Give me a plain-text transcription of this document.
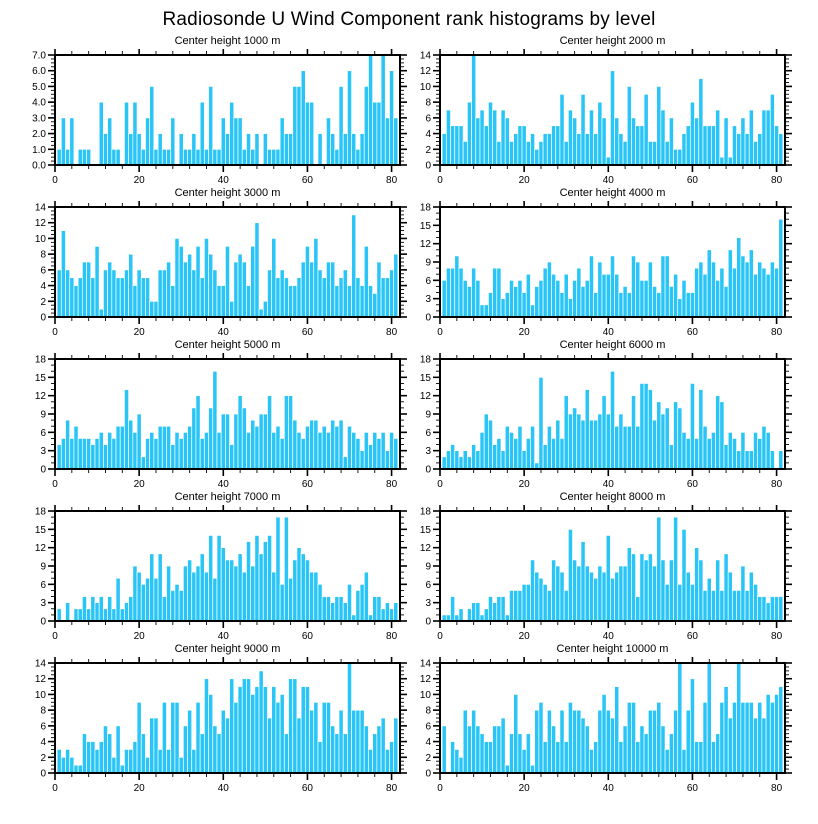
Radiosonde U Wind Component rank histograms by level
Center height 1000 m
0	20	40	60	80
0.0
1.0
2.0
3.0
4.0
5.0
6.0
7.0
Center height 2000 m
0	20	40	60	80
0
2
4
6
8
10
12
14
Center height 3000 m
0	20	40	60	80
0
2
4
6
8
10
12
14
Center height 4000 m
0	20	40	60	80
0
3
6
9
12
15
18
Center height 5000 m
0	20	40	60	80
0
3
6
9
12
15
18
Center height 6000 m
0	20	40	60	80
0
3
6
9
12
15
18
Center height 7000 m
0	20	40	60	80
0
3
6
9
12
15
18
Center height 8000 m
0	20	40	60	80
0
3
6
9
12
15
18
Center height 9000 m
0	20	40	60	80
0
2
4
6
8
10
12
14
Center height 10000 m
0	20	40	60	80
0
2
4
6
8
10
12
14
